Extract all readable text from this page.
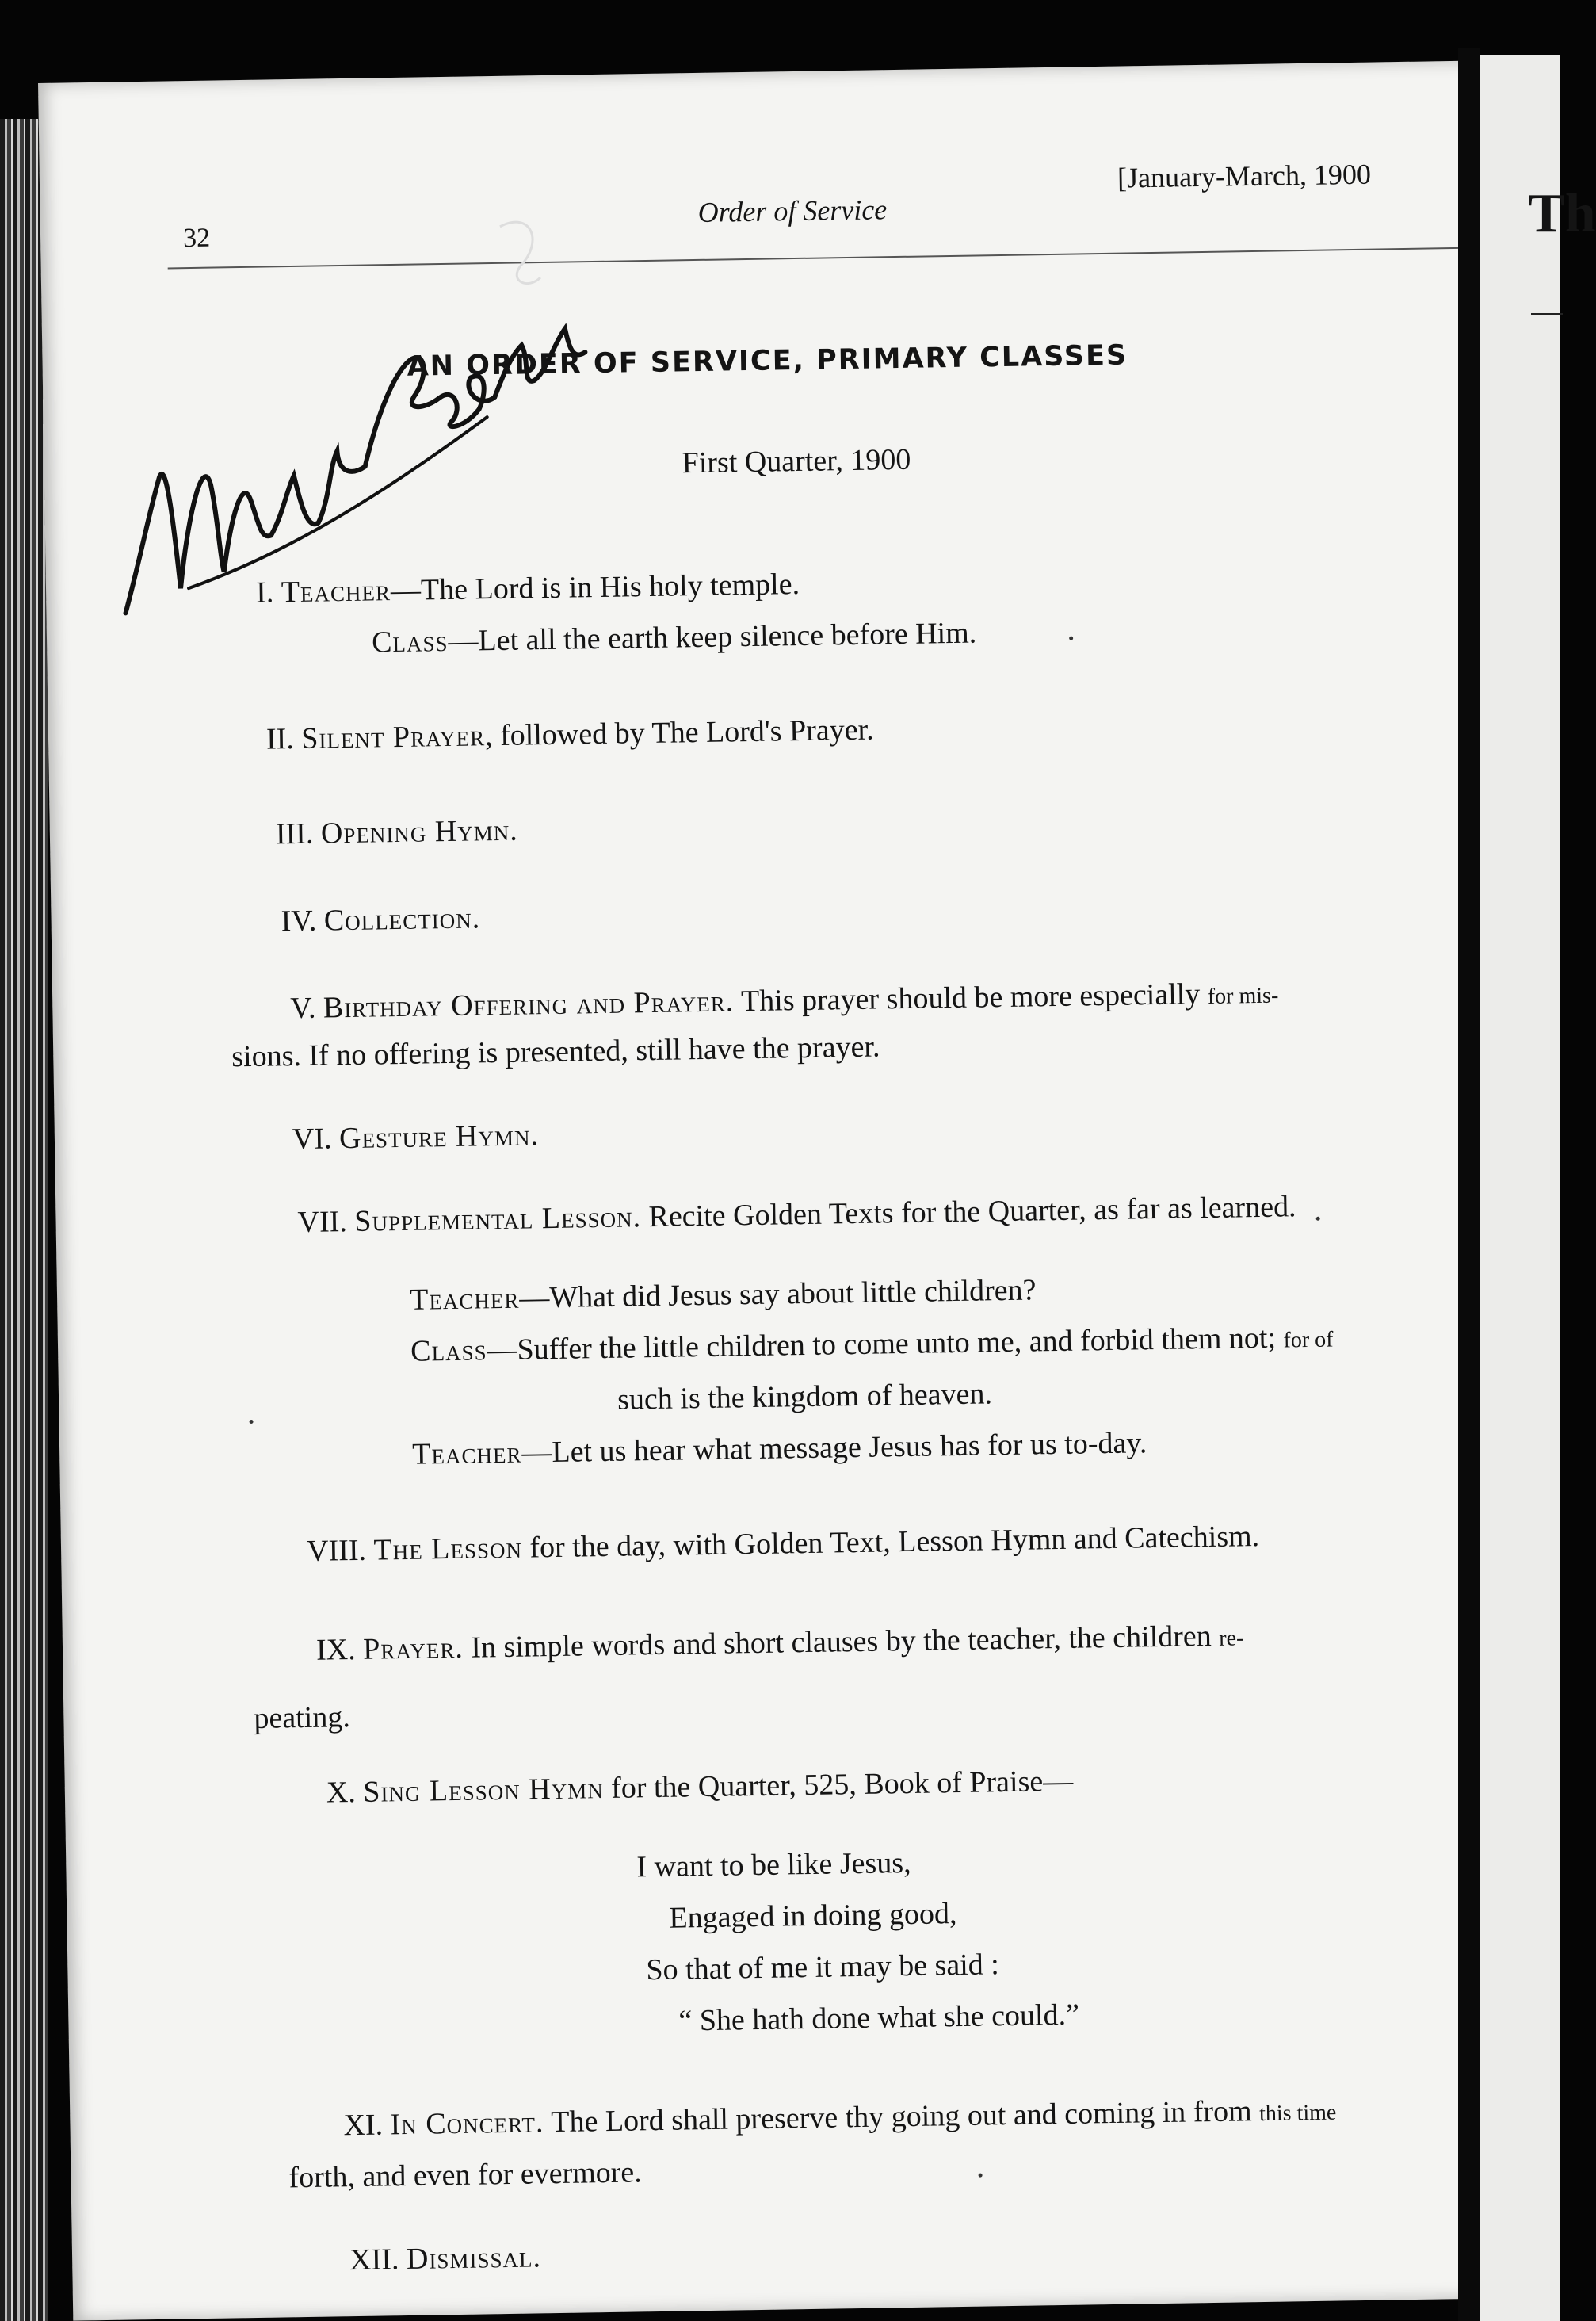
32
Order of Service
[January-March, 1900
AN ORDER OF SERVICE, PRIMARY CLASSES
First Quarter, 1900
I. Teacher—The Lord is in His holy temple.
Class—Let all the earth keep silence before Him.
II. Silent Prayer, followed by The Lord's Prayer.
III. Opening Hymn.
IV. Collection.
V. Birthday Offering and Prayer. This prayer should be more especially for mis-
sions. If no offering is presented, still have the prayer.
VI. Gesture Hymn.
VII. Supplemental Lesson. Recite Golden Texts for the Quarter, as far as learned.
Teacher—What did Jesus say about little children?
Class—Suffer the little children to come unto me, and forbid them not; for of
such is the kingdom of heaven.
Teacher—Let us hear what message Jesus has for us to-day.
VIII. The Lesson for the day, with Golden Text, Lesson Hymn and Catechism.
IX. Prayer. In simple words and short clauses by the teacher, the children re-
peating.
X. Sing Lesson Hymn for the Quarter, 525, Book of Praise—
I want to be like Jesus,
Engaged in doing good,
So that of me it may be said :
“ She hath done what she could.”
XI. In Concert. The Lord shall preserve thy going out and coming in from this time
forth, and even for evermore.
XII. Dismissal.
Th
